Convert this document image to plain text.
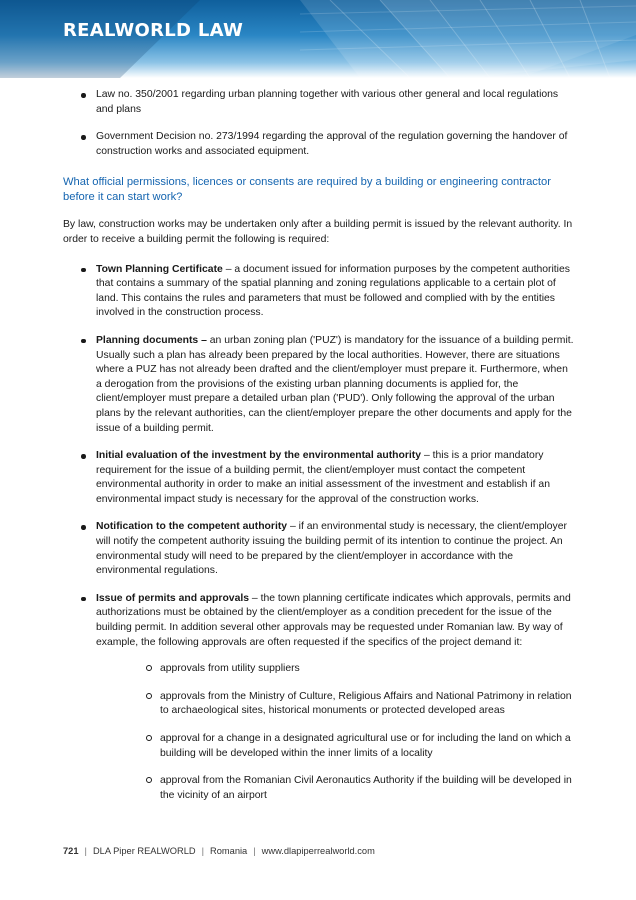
REALWORLD LAW
Law no. 350/2001 regarding urban planning together with various other general and local regulations and plans
Government Decision no. 273/1994 regarding the approval of the regulation governing the handover of construction works and associated equipment.

What official permissions, licences or consents are required by a building or engineering contractor before it can start work?

By law, construction works may be undertaken only after a building permit is issued by the relevant authority. In order to receive a building permit the following is required:

Town Planning Certificate – a document issued for information purposes by the competent authorities that contains a summary of the spatial planning and zoning regulations applicable to a certain plot of land. This contains the rules and parameters that must be followed and complied with by the entities involved in the construction process.
Planning documents – an urban zoning plan ('PUZ') is mandatory for the issuance of a building permit. Usually such a plan has already been prepared by the local authorities. However, there are situations where a PUZ has not already been drafted and the client/employer must prepare it. Furthermore, when a derogation from the provisions of the existing urban planning documents is applied for, the client/employer must prepare a detailed urban plan ('PUD'). Only following the approval of the urban plans by the relevant authorities, can the client/employer prepare the other documents and apply for the issue of a building permit.
Initial evaluation of the investment by the environmental authority – this is a prior mandatory requirement for the issue of a building permit, the client/employer must contact the competent environmental authority in order to make an initial assessment of the investment and establish if an environmental impact study is necessary for the approval of the construction works.
Notification to the competent authority – if an environmental study is necessary, the client/employer will notify the competent authority issuing the building permit of its intention to continue the project. An environmental study will need to be prepared by the client/employer in accordance with the environmental regulations.
Issue of permits and approvals – the town planning certificate indicates which approvals, permits and authorizations must be obtained by the client/employer as a condition precedent for the issue of the building permit. In addition several other approvals may be requested under Romanian law. By way of example, the following approvals are often requested if the specifics of the project demand it:
approvals from utility suppliers
approvals from the Ministry of Culture, Religious Affairs and National Patrimony in relation to archaeological sites, historical monuments or protected developed areas
approval for a change in a designated agricultural use or for including the land on which a building will be developed within the inner limits of a locality
approval from the Romanian Civil Aeronautics Authority if the building will be developed in the vicinity of an airport
721 | DLA Piper REALWORLD | Romania | www.dlapiperrealworld.com
